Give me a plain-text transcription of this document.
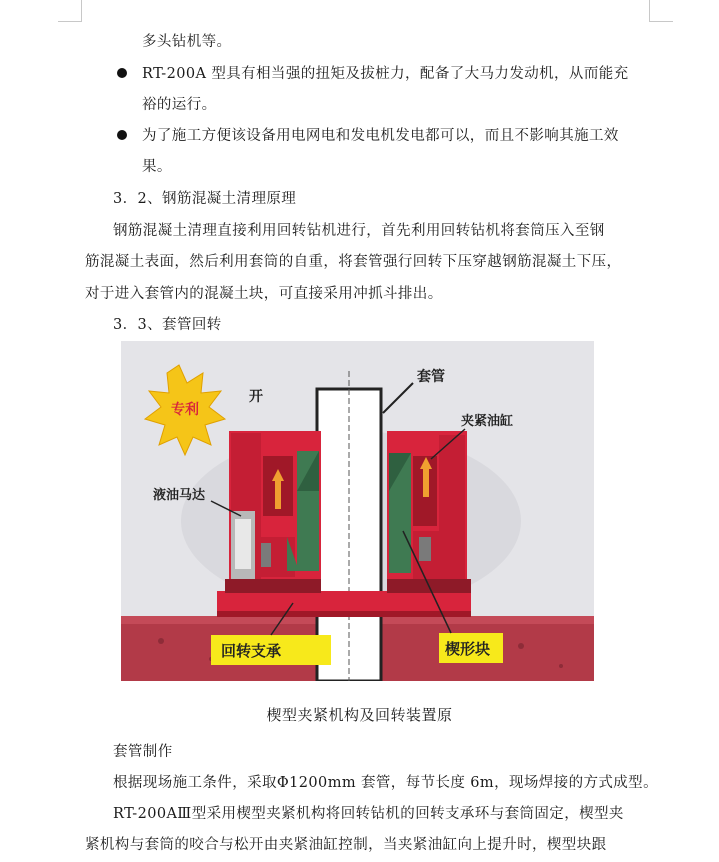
多头钻机等。
RT-200A 型具有相当强的扭矩及拔桩力，配备了大马力发动机，从而能充
裕的运行。
为了施工方便该设备用电网电和发电机发电都可以，而且不影响其施工效
果。
3．2、钢筋混凝土清理原理
钢筋混凝土清理直接利用回转钻机进行，首先利用回转钻机将套筒压入至钢
筋混凝土表面，然后利用套筒的自重，将套管强行回转下压穿越钢筋混凝土下压，
对于进入套管内的混凝土块，可直接采用冲抓斗排出。
3．3、套管回转
专利
开
套管
液油马达
夹紧油缸
回转支承	楔形块
楔型夹紧机构及回转装置原
套管制作
根据现场施工条件，采取Φ1200mm 套管，每节长度 6m，现场焊接的方式成型。
RT-200AⅢ型采用楔型夹紧机构将回转钻机的回转支承环与套筒固定，楔型夹
紧机构与套筒的咬合与松开由夹紧油缸控制，当夹紧油缸向上提升时，楔型块跟
